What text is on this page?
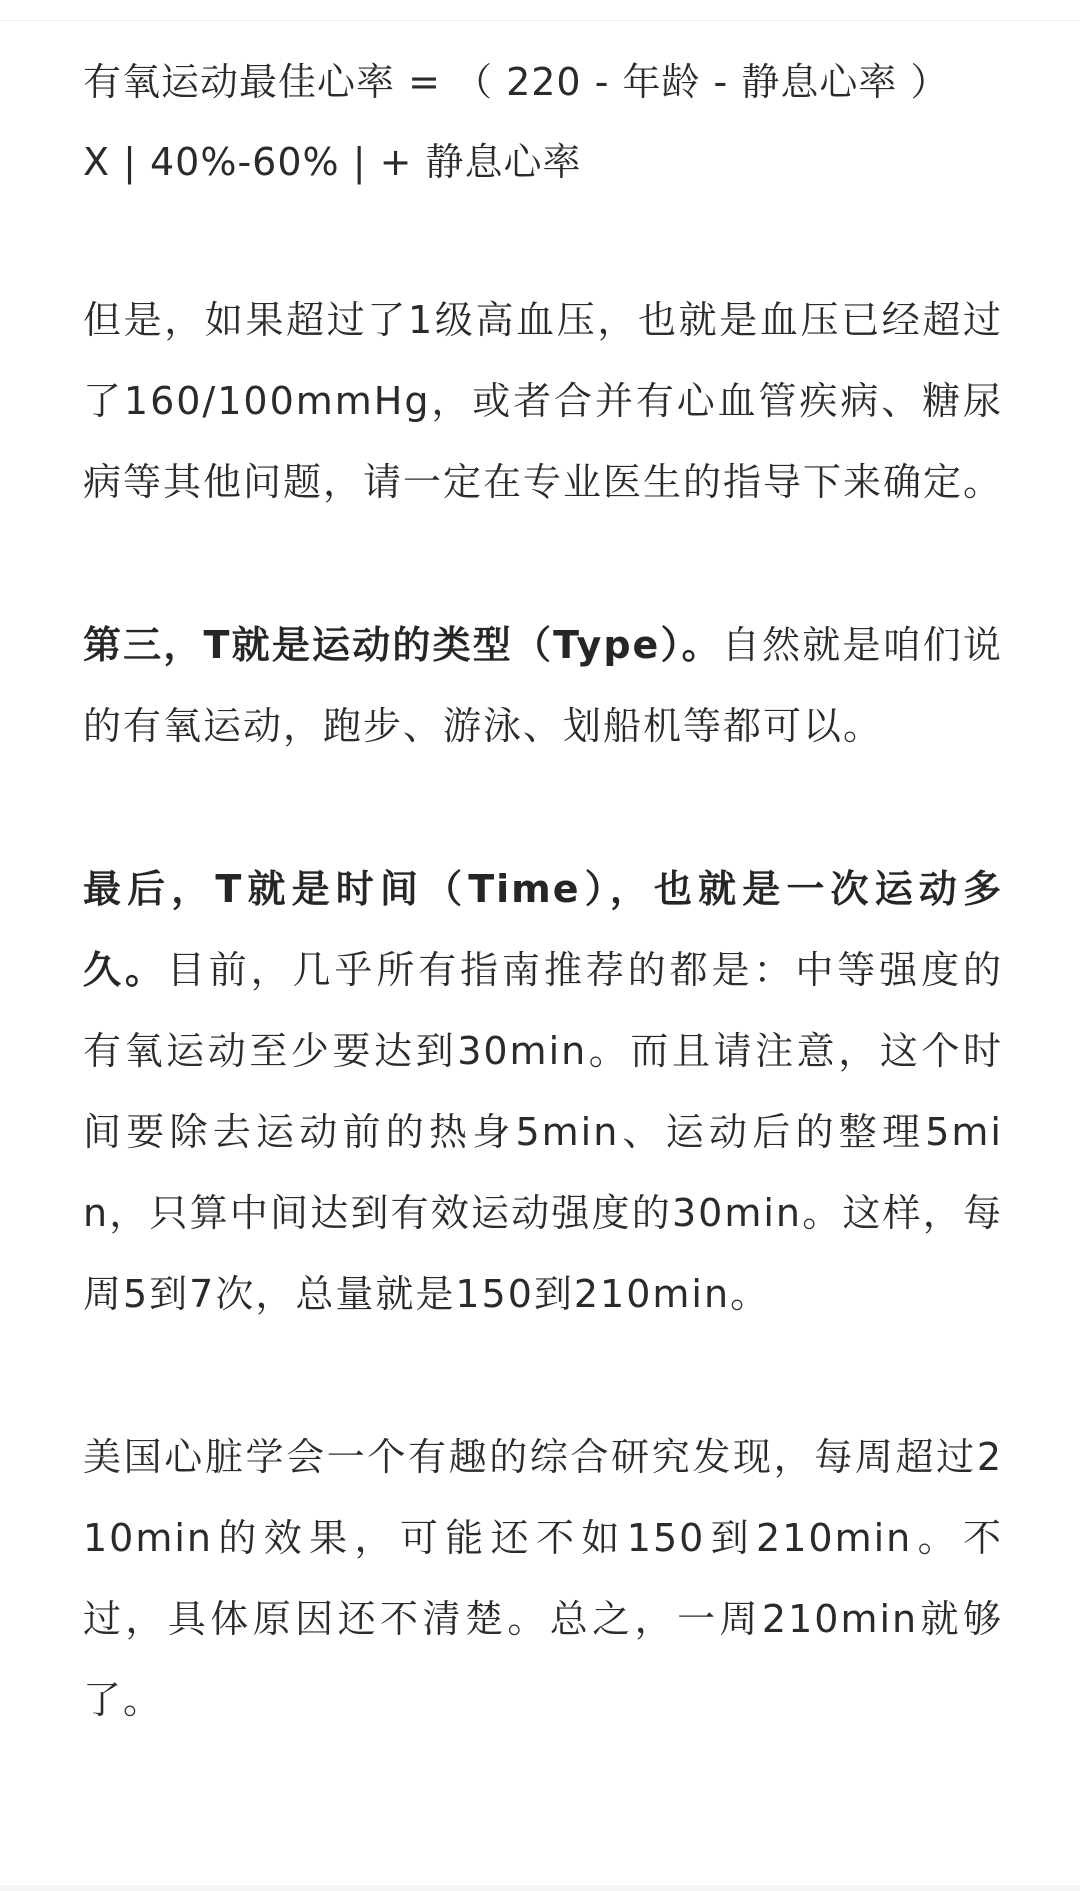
有氧运动最佳心率 = （ 220 - 年龄 - 静息心率 ）
X | 40%-60% | + 静息心率

但是，如果超过了1级高血压，也就是血压已经超过了160/100mmHg，或者合并有心血管疾病、糖尿病等其他问题，请一定在专业医生的指导下来确定。

第三，T就是运动的类型（Type）。自然就是咱们说的有氧运动，跑步、游泳、划船机等都可以。

最后，T就是时间（Time），也就是一次运动多久。目前，几乎所有指南推荐的都是：中等强度的有氧运动至少要达到30min。而且请注意，这个时间要除去运动前的热身5min、运动后的整理5min，只算中间达到有效运动强度的30min。这样，每周5到7次，总量就是150到210min。

美国心脏学会一个有趣的综合研究发现，每周超过210min的效果，可能还不如150到210min。不过，具体原因还不清楚。总之，一周210min就够了。
